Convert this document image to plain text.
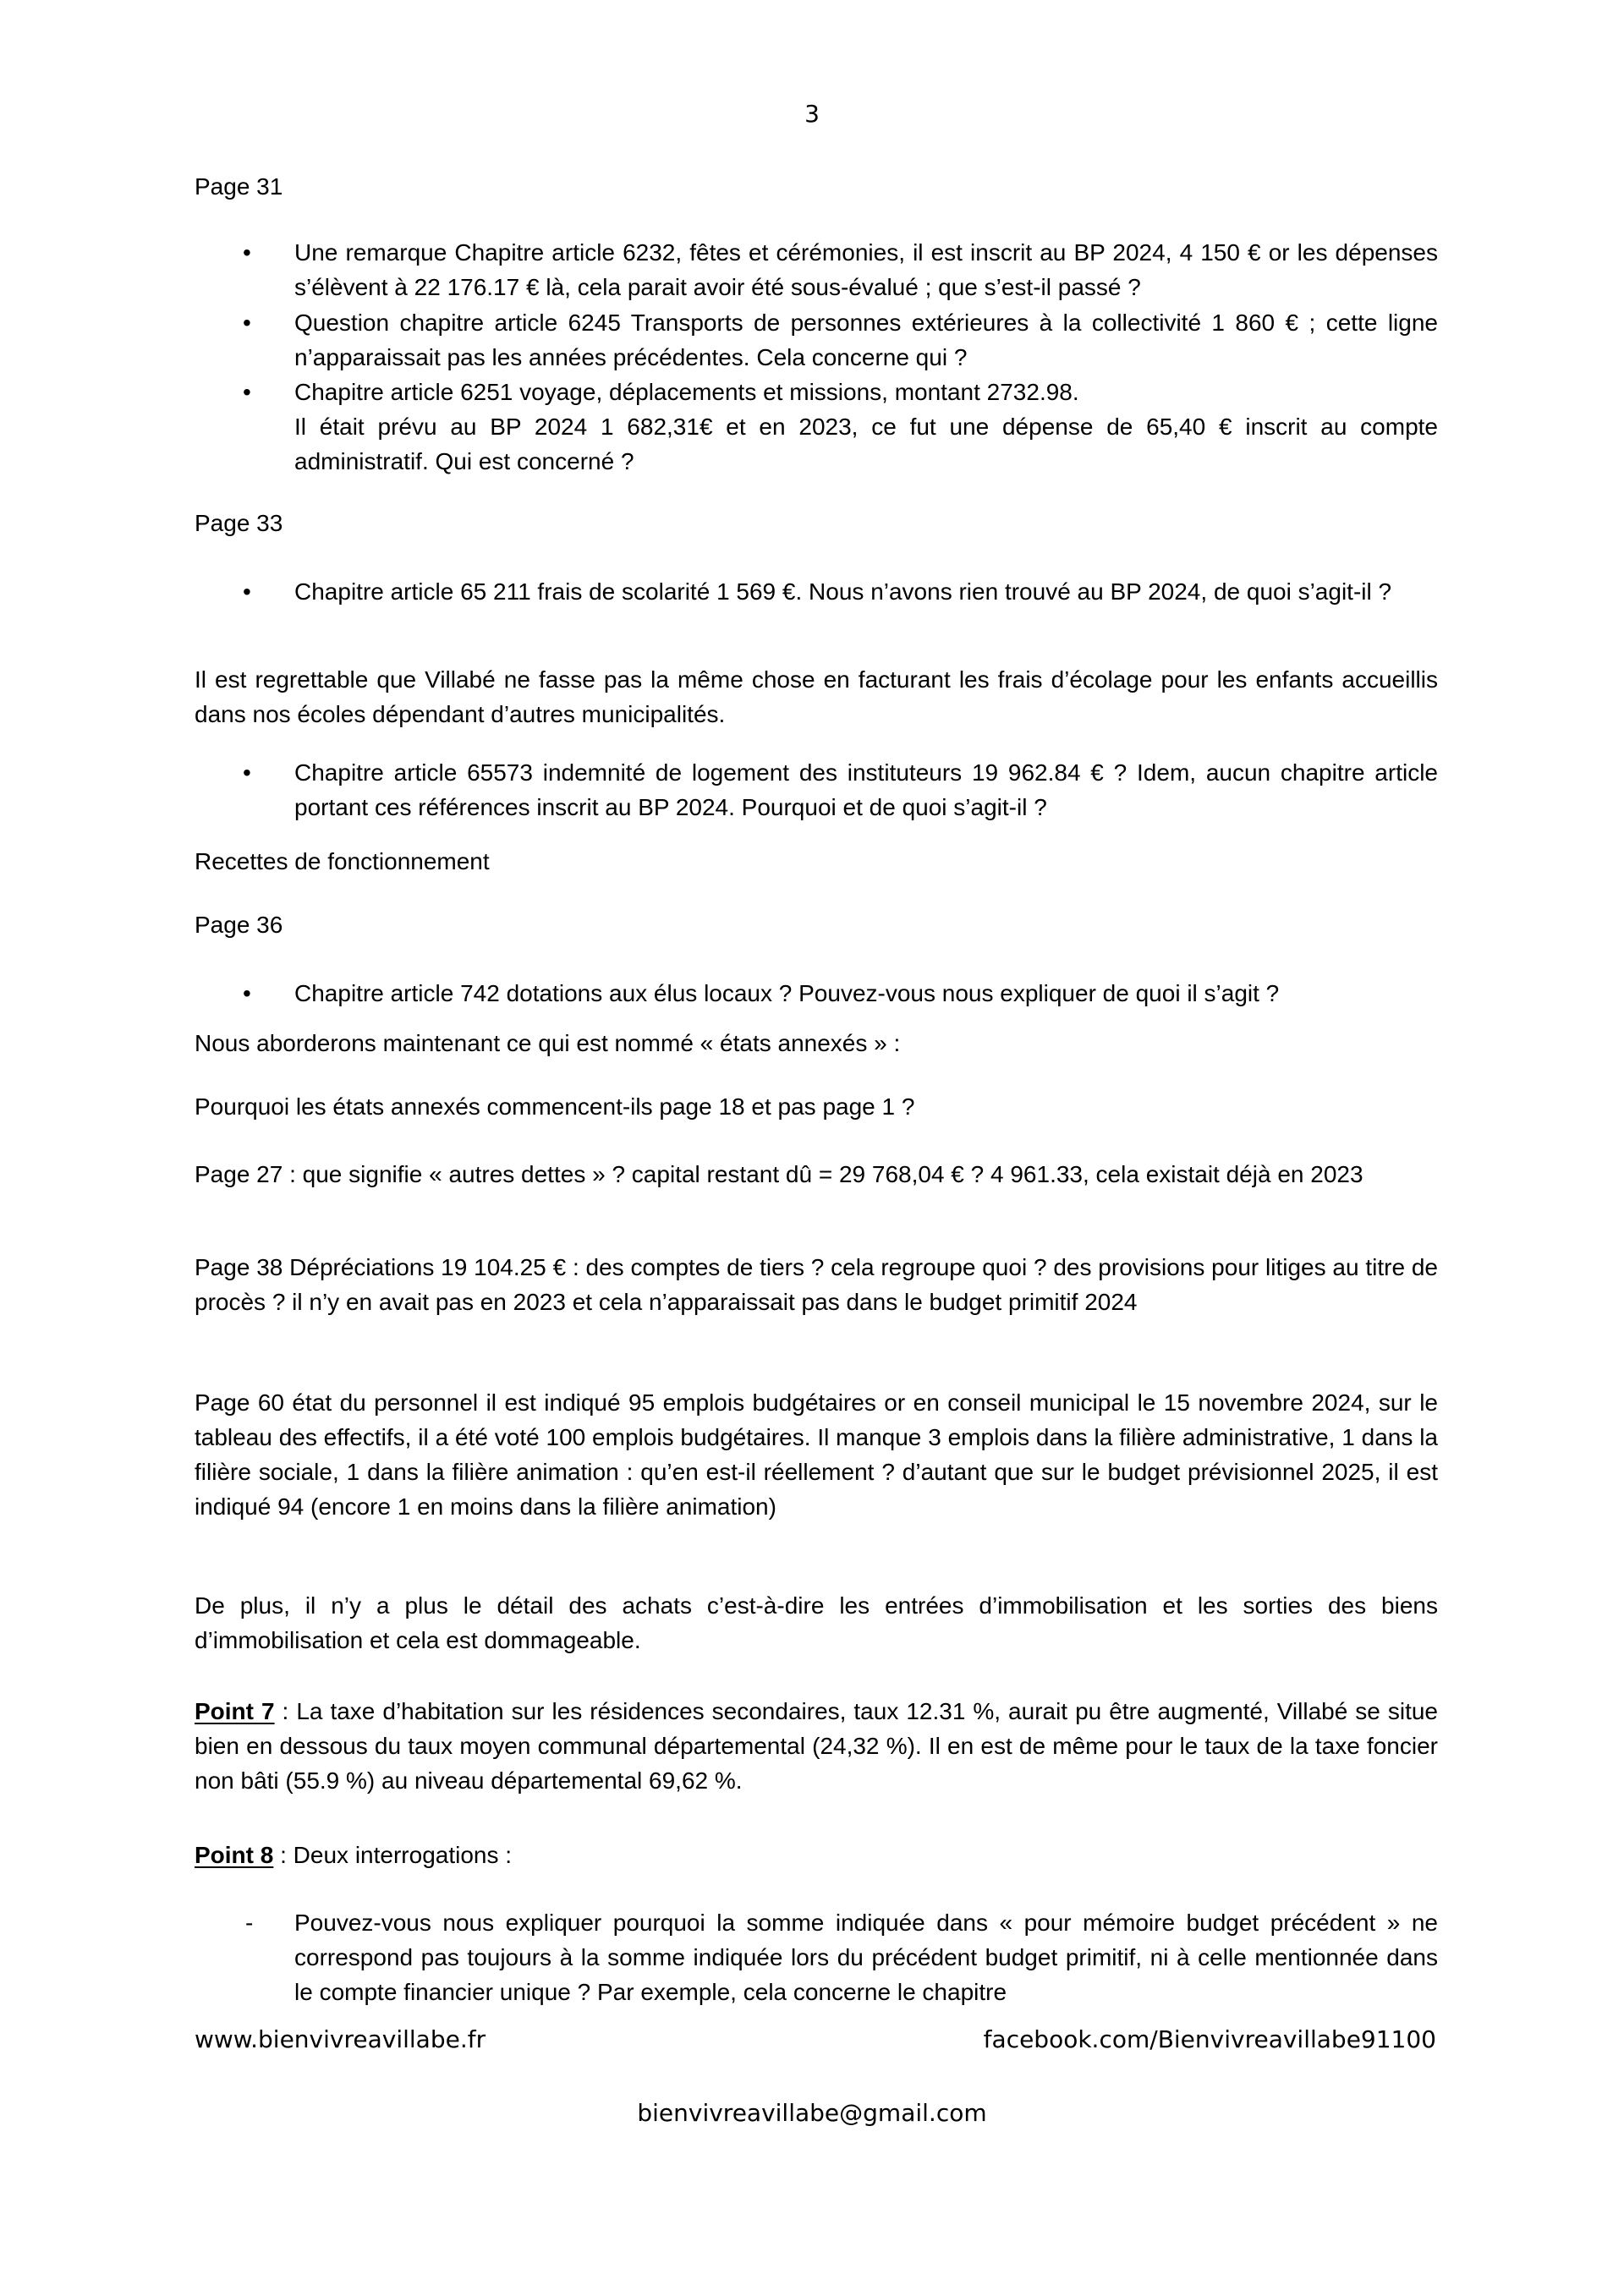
3
Page 31
• Une remarque Chapitre article 6232, fêtes et cérémonies, il est inscrit au BP 2024, 4 150 € or les dépenses s’élèvent à 22 176.17 € là, cela parait avoir été sous-évalué ; que s’est-il passé ?
• Question chapitre article 6245 Transports de personnes extérieures à la collectivité 1 860 € ; cette ligne n’apparaissait pas les années précédentes. Cela concerne qui ?
• Chapitre article 6251 voyage, déplacements et missions, montant 2732.98.
Il était prévu au BP 2024 1 682,31€ et en 2023, ce fut une dépense de 65,40 € inscrit au compte administratif. Qui est concerné ?
Page 33
• Chapitre article 65 211 frais de scolarité 1 569 €. Nous n’avons rien trouvé au BP 2024, de quoi s’agit-il ?
Il est regrettable que Villabé ne fasse pas la même chose en facturant les frais d’écolage pour les enfants accueillis dans nos écoles dépendant d’autres municipalités.
• Chapitre article 65573 indemnité de logement des instituteurs 19 962.84 € ? Idem, aucun chapitre article portant ces références inscrit au BP 2024. Pourquoi et de quoi s’agit-il ?
Recettes de fonctionnement
Page 36
• Chapitre article 742 dotations aux élus locaux ? Pouvez-vous nous expliquer de quoi il s’agit ?
Nous aborderons maintenant ce qui est nommé « états annexés » :
Pourquoi les états annexés commencent-ils page 18 et pas page 1 ?
Page 27 : que signifie « autres dettes » ? capital restant dû = 29 768,04 € ? 4 961.33, cela existait déjà en 2023
Page 38 Dépréciations 19 104.25 € : des comptes de tiers ? cela regroupe quoi ? des provisions pour litiges au titre de procès ? il n’y en avait pas en 2023 et cela n’apparaissait pas dans le budget primitif 2024
Page 60 état du personnel il est indiqué 95 emplois budgétaires or en conseil municipal le 15 novembre 2024, sur le tableau des effectifs, il a été voté 100 emplois budgétaires. Il manque 3 emplois dans la filière administrative, 1 dans la filière sociale, 1 dans la filière animation : qu’en est-il réellement ? d’autant que sur le budget prévisionnel 2025, il est indiqué 94 (encore 1 en moins dans la filière animation)
De plus, il n’y a plus le détail des achats c’est-à-dire les entrées d’immobilisation et les sorties des biens d’immobilisation et cela est dommageable.
Point 7 : La taxe d’habitation sur les résidences secondaires, taux 12.31 %, aurait pu être augmenté, Villabé se situe bien en dessous du taux moyen communal départemental (24,32 %). Il en est de même pour le taux de la taxe foncier non bâti (55.9 %) au niveau départemental 69,62 %.
Point 8 : Deux interrogations :
- Pouvez-vous nous expliquer pourquoi la somme indiquée dans « pour mémoire budget précédent » ne correspond pas toujours à la somme indiquée lors du précédent budget primitif, ni à celle mentionnée dans le compte financier unique ? Par exemple, cela concerne le chapitre
www.bienvivreavillabe.fr	facebook.com/Bienvivreavillabe91100
bienvivreavillabe@gmail.com
